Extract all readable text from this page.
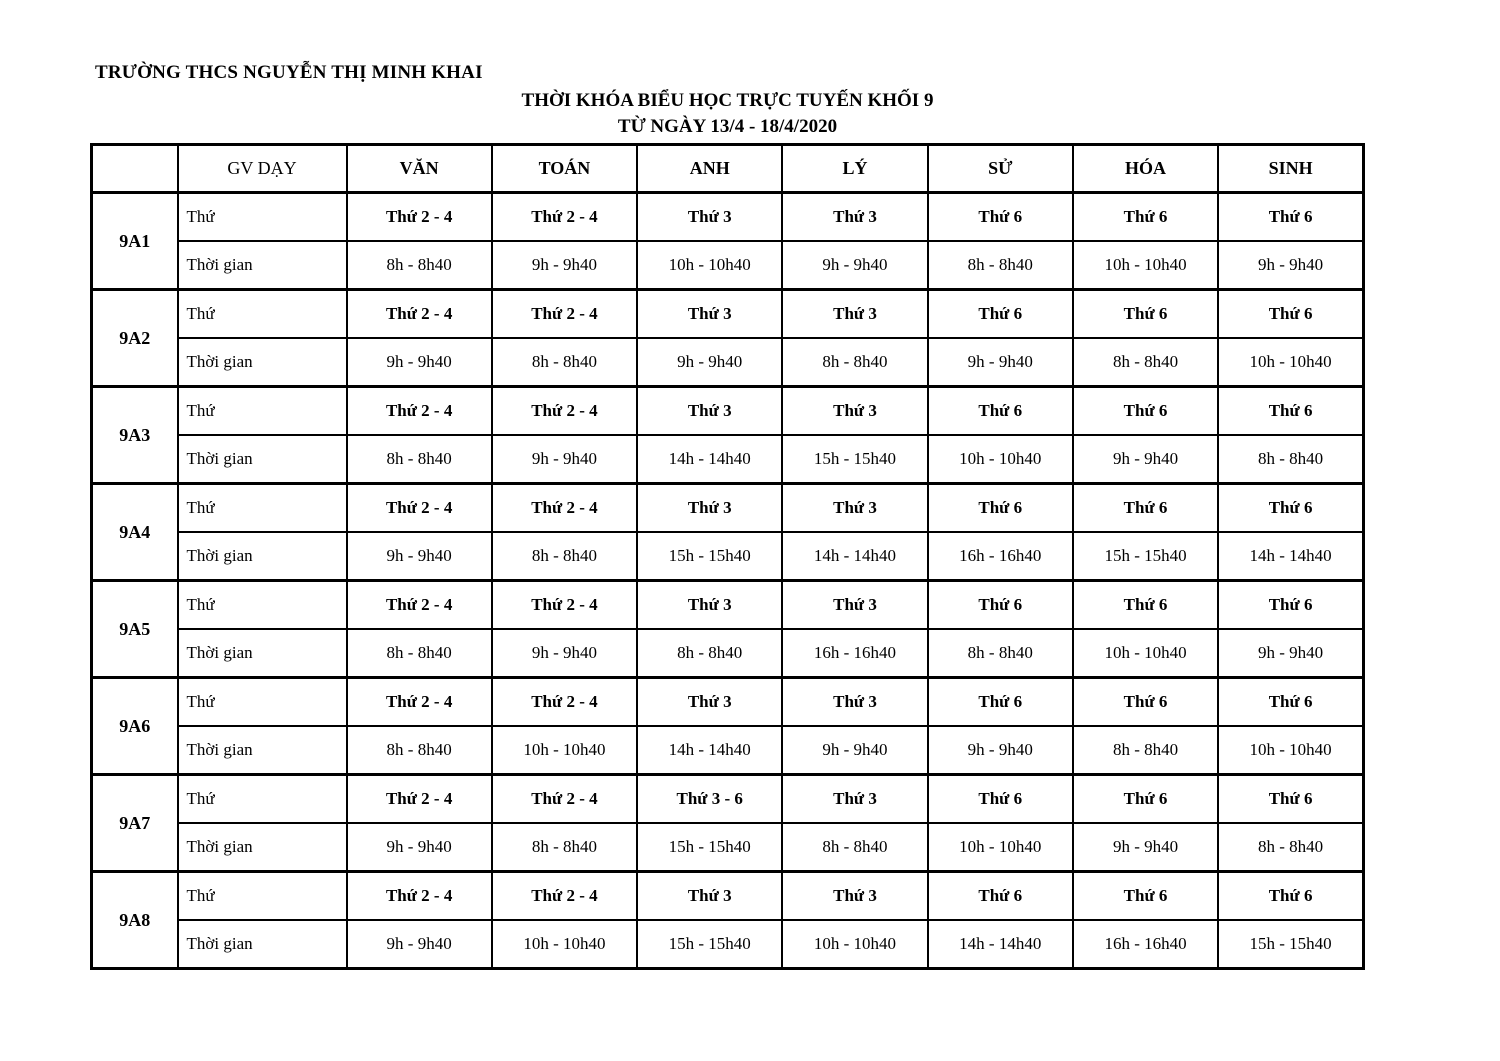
TRƯỜNG THCS NGUYỄN THỊ MINH KHAI
THỜI KHÓA BIỂU HỌC TRỰC TUYẾN KHỐI 9
TỪ NGÀY 13/4 - 18/4/2020
	GV DẠY	VĂN	TOÁN	ANH	LÝ	SỬ	HÓA	SINH
9A1	Thứ	Thứ 2 - 4	Thứ 2 - 4	Thứ 3	Thứ 3	Thứ 6	Thứ 6	Thứ 6
	Thời gian	8h - 8h40	9h - 9h40	10h - 10h40	9h - 9h40	8h - 8h40	10h - 10h40	9h - 9h40
9A2	Thứ	Thứ 2 - 4	Thứ 2 - 4	Thứ 3	Thứ 3	Thứ 6	Thứ 6	Thứ 6
	Thời gian	9h - 9h40	8h - 8h40	9h - 9h40	8h - 8h40	9h - 9h40	8h - 8h40	10h - 10h40
9A3	Thứ	Thứ 2 - 4	Thứ 2 - 4	Thứ 3	Thứ 3	Thứ 6	Thứ 6	Thứ 6
	Thời gian	8h - 8h40	9h - 9h40	14h - 14h40	15h - 15h40	10h - 10h40	9h - 9h40	8h - 8h40
9A4	Thứ	Thứ 2 - 4	Thứ 2 - 4	Thứ 3	Thứ 3	Thứ 6	Thứ 6	Thứ 6
	Thời gian	9h - 9h40	8h - 8h40	15h - 15h40	14h - 14h40	16h - 16h40	15h - 15h40	14h - 14h40
9A5	Thứ	Thứ 2 - 4	Thứ 2 - 4	Thứ 3	Thứ 3	Thứ 6	Thứ 6	Thứ 6
	Thời gian	8h - 8h40	9h - 9h40	8h - 8h40	16h - 16h40	8h - 8h40	10h - 10h40	9h - 9h40
9A6	Thứ	Thứ 2 - 4	Thứ 2 - 4	Thứ 3	Thứ 3	Thứ 6	Thứ 6	Thứ 6
	Thời gian	8h - 8h40	10h - 10h40	14h - 14h40	9h - 9h40	9h - 9h40	8h - 8h40	10h - 10h40
9A7	Thứ	Thứ 2 - 4	Thứ 2 - 4	Thứ 3 - 6	Thứ 3	Thứ 6	Thứ 6	Thứ 6
	Thời gian	9h - 9h40	8h - 8h40	15h - 15h40	8h - 8h40	10h - 10h40	9h - 9h40	8h - 8h40
9A8	Thứ	Thứ 2 - 4	Thứ 2 - 4	Thứ 3	Thứ 3	Thứ 6	Thứ 6	Thứ 6
	Thời gian	9h - 9h40	10h - 10h40	15h - 15h40	10h - 10h40	14h - 14h40	16h - 16h40	15h - 15h40
